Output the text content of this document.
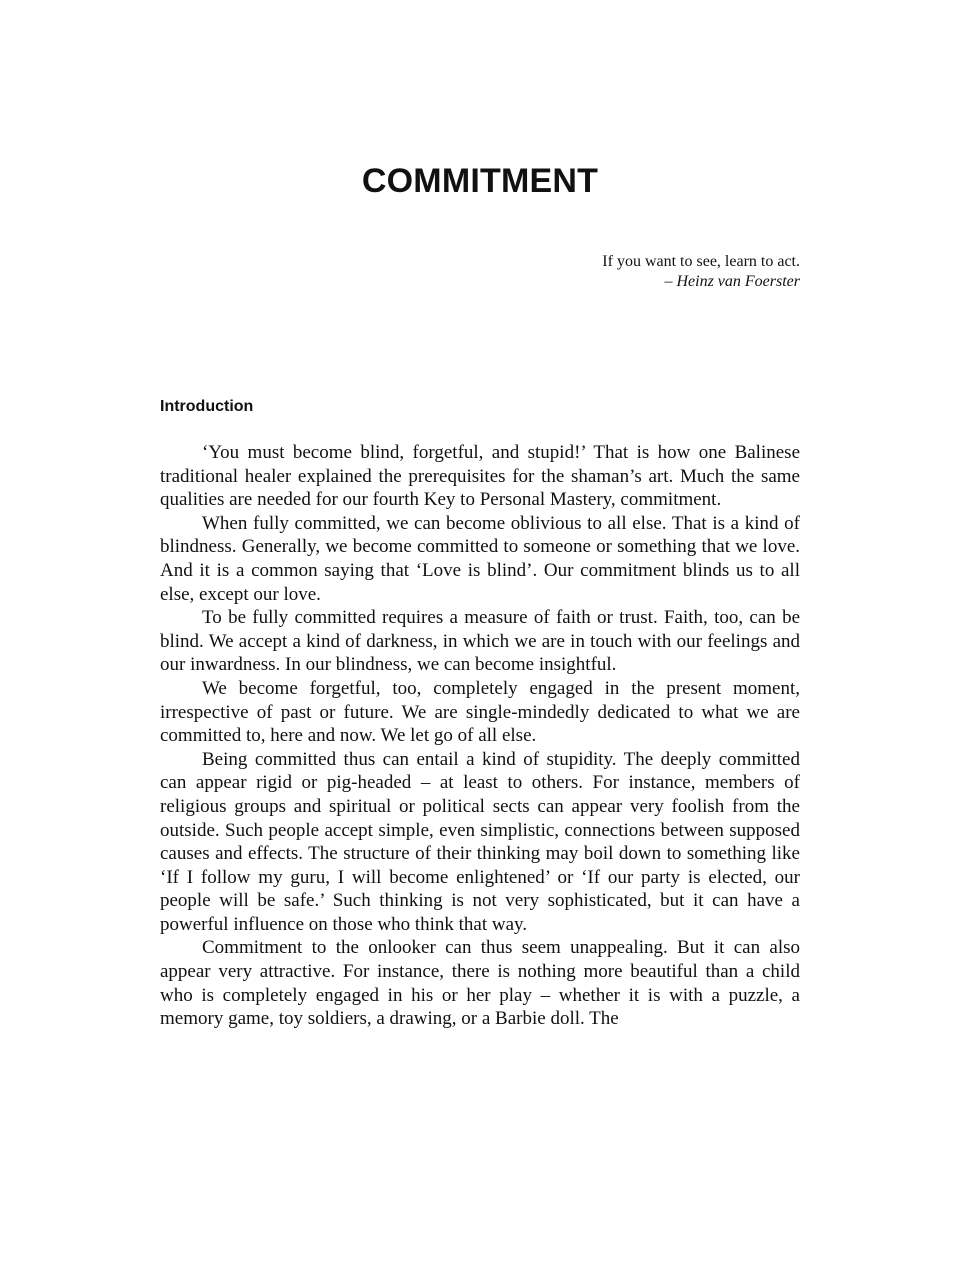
COMMITMENT
If you want to see, learn to act.
– Heinz van Foerster
Introduction

‘You must become blind, forgetful, and stupid!’ That is how one Balinese traditional healer explained the prerequisites for the shaman’s art. Much the same qualities are needed for our fourth Key to Personal Mastery, commitment.

When fully committed, we can become oblivious to all else. That is a kind of blindness. Generally, we become committed to someone or something that we love. And it is a common saying that ‘Love is blind’. Our commitment blinds us to all else, except our love.

To be fully committed requires a measure of faith or trust. Faith, too, can be blind. We accept a kind of darkness, in which we are in touch with our feelings and our inwardness. In our blindness, we can become insightful.

We become forgetful, too, completely engaged in the present moment, irrespective of past or future. We are single-mindedly dedicated to what we are committed to, here and now. We let go of all else.

Being committed thus can entail a kind of stupidity. The deeply committed can appear rigid or pig-headed – at least to others. For instance, members of religious groups and spiritual or political sects can appear very foolish from the outside. Such people accept simple, even simplistic, connections between supposed causes and effects. The structure of their thinking may boil down to something like ‘If I follow my guru, I will become enlightened’ or ‘If our party is elected, our people will be safe.’ Such thinking is not very sophisticated, but it can have a powerful influence on those who think that way.

Commitment to the onlooker can thus seem unappealing. But it can also appear very attractive. For instance, there is nothing more beautiful than a child who is completely engaged in his or her play – whether it is with a puzzle, a memory game, toy soldiers, a drawing, or a Barbie doll. The
